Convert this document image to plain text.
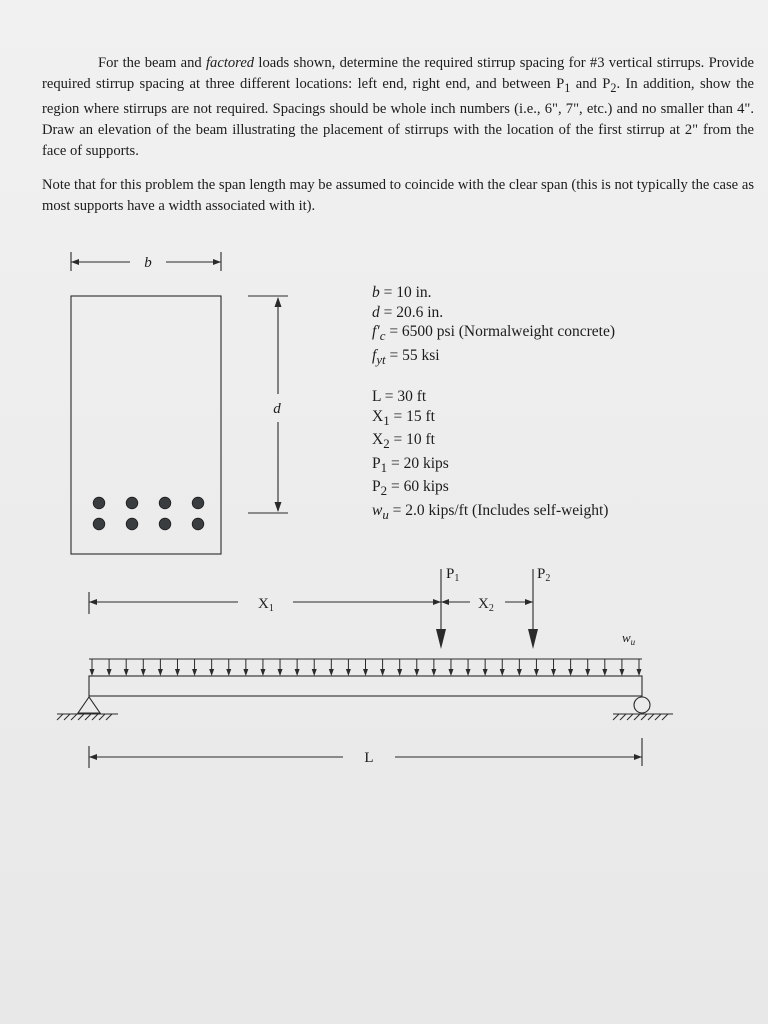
For the beam and factored loads shown, determine the required stirrup spacing for #3 vertical stirrups. Provide required stirrup spacing at three different locations: left end, right end, and between $P_1$ and $P_2$. In addition, show the region where stirrups are not required. Spacings should be whole inch numbers (i.e., 6", 7", etc.) and no smaller than 4". Draw an elevation of the beam illustrating the placement of stirrups with the location of the first stirrup at 2" from the face of supports.

Note that for this problem the span length may be assumed to coincide with the clear span (this is not typically the case as most supports have a width associated with it).

b
d
$X_1$	$X_2$
$P_1$	$P_2$
$w_u$
L
b = 10 in.
d = 20.6 in.
$f'_c = 6500$ psi (Normalweight concrete)
$f_{yt} = 55$ ksi
L = 30 ft
$X_1 = 15$ ft
$X_2 = 10$ ft
$P_1 = 20$ kips
$P_2 = 60$ kips
$w_u = 2.0$ kips/ft (Includes self-weight)
